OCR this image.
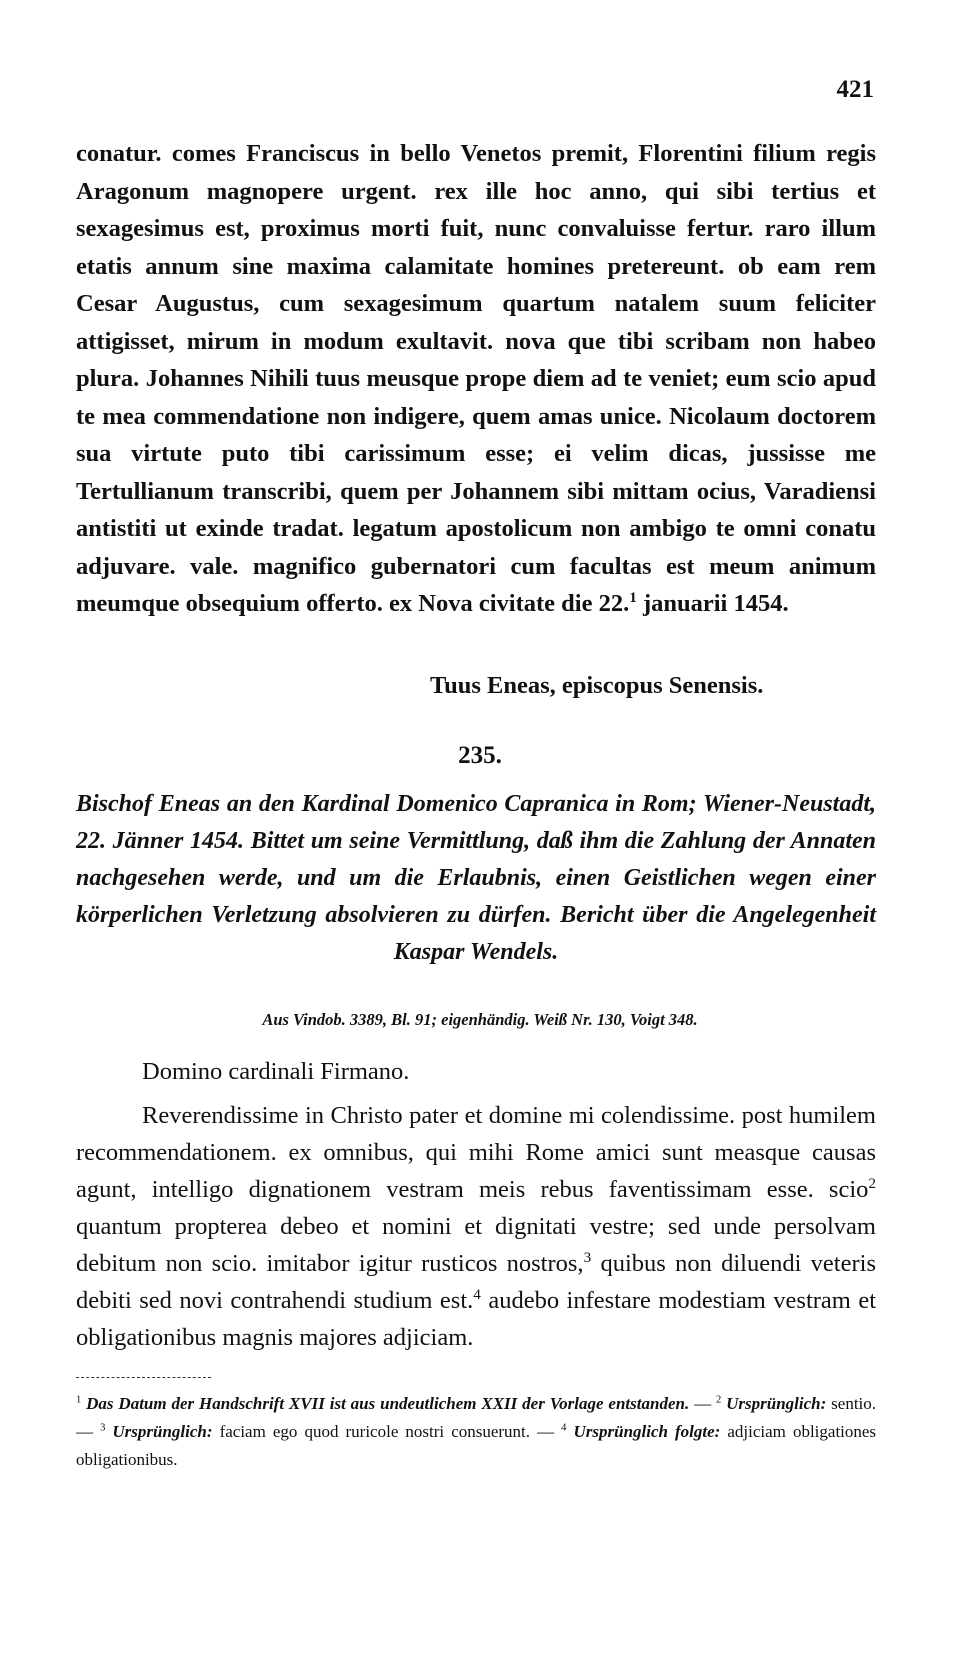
421

conatur. comes Franciscus in bello Venetos premit, Florentini filium regis Aragonum magnopere urgent. rex ille hoc anno, qui sibi tertius et sexagesimus est, proximus morti fuit, nunc convaluisse fertur. raro illum etatis annum sine maxima calamitate homines pretereunt. ob eam rem Cesar Augustus, cum sexagesimum quartum natalem suum feliciter attigisset, mirum in modum exultavit. nova que tibi scribam non habeo plura. Johannes Nihili tuus meusque prope diem ad te veniet; eum scio apud te mea commendatione non indigere, quem amas unice. Nicolaum doctorem sua virtute puto tibi carissimum esse; ei velim dicas, jussisse me Tertullianum transcribi, quem per Johannem sibi mittam ocius, Varadiensi antistiti ut exinde tradat. legatum apostolicum non ambigo te omni conatu adjuvare. vale. magnifico gubernatori cum facultas est meum animum meumque obsequium offerto. ex Nova civitate die 22.$^1$ januarii 1454.

Tuus Eneas, episcopus Senensis.
235.
Bischof Eneas an den Kardinal Domenico Capranica in Rom; Wiener-Neustadt, 22. Jänner 1454. Bittet um seine Vermittlung, daß ihm die Zahlung der Annaten nachgesehen werde, und um die Erlaubnis, einen Geistlichen wegen einer körperlichen Verletzung absolvieren zu dürfen. Bericht über die Angelegenheit Kaspar Wendels.
Aus Vindob. 3389, Bl. 91; eigenhändig. Weiß Nr. 130, Voigt 348.
Domino cardinali Firmano.
Reverendissime in Christo pater et domine mi colendissime. post humilem recommendationem. ex omnibus, qui mihi Rome amici sunt measque causas agunt, intelligo dignationem vestram meis rebus faventissimam esse. scio$^2$ quantum propterea debeo et nomini et dignitati vestre; sed unde persolvam debitum non scio. imitabor igitur rusticos nostros,$^3$ quibus non diluendi veteris debiti sed novi contrahendi studium est.$^4$ audebo infestare modestiam vestram et obligationibus magnis majores adjiciam.

$^1$ Das Datum der Handschrift XVII ist aus undeutlichem XXII der Vorlage entstanden. — $^2$ Ursprünglich: sentio. — $^3$ Ursprünglich: faciam ego quod ruricole nostri consuerunt. — $^4$ Ursprünglich folgte: adjiciam obligationes obligationibus.
